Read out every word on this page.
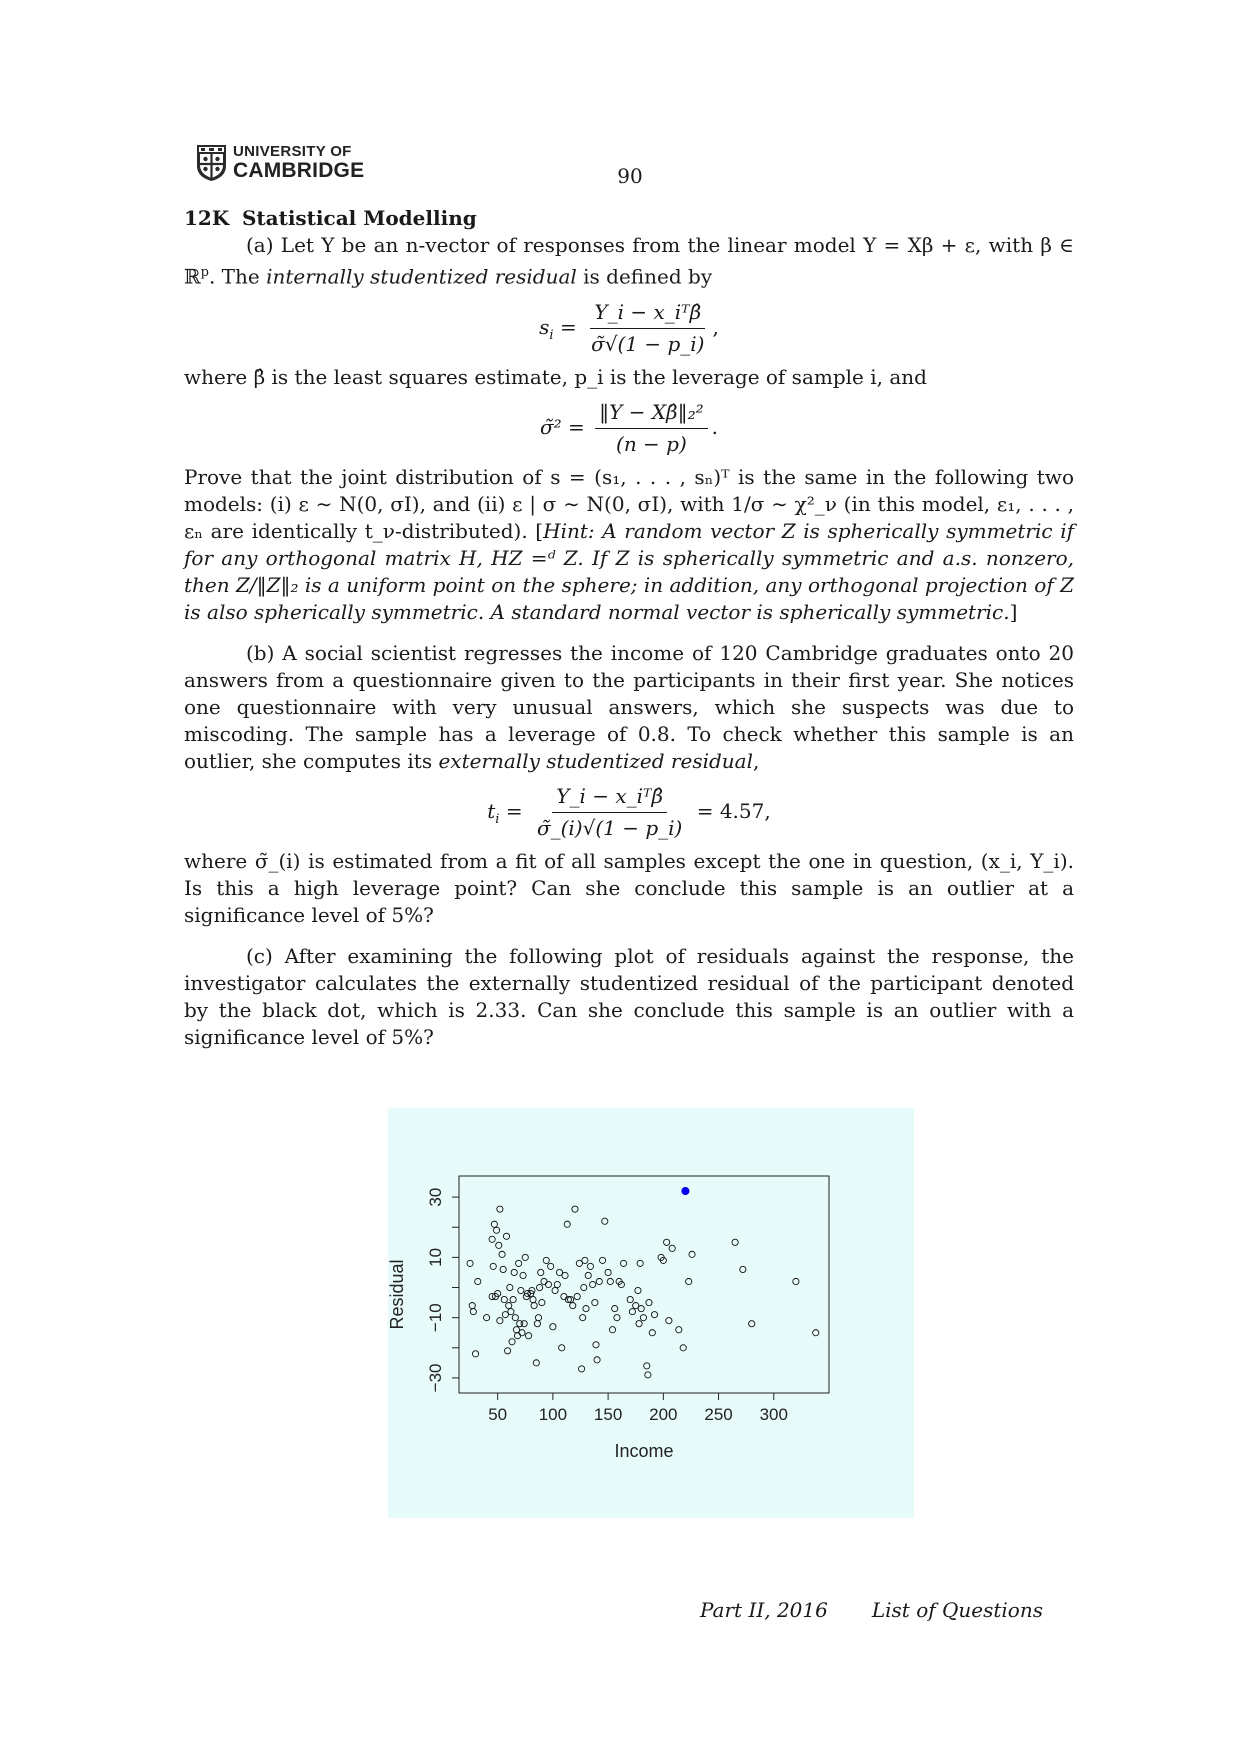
UNIVERSITY OF
CAMBRIDGE	90

12K Statistical Modelling

(a) Let Y be an n-vector of responses from the linear model Y = Xβ + ε, with β ∈ ℝ$^p$. The internally studentized residual is defined by

$s_i = \frac{\text{Y\_i − x\_iᵀβ̂}}{\sigmã√(1 - p\_i)}$ ,

where β̂ is the least squares estimate, p_i is the leverage of sample i, and

σ̃² = $\frac{\text{‖Y − Xβ̂‖₂²}}{(n - p)}$ .

Prove that the joint distribution of s = (s₁, . . . , sₙ)ᵀ is the same in the following two models: (i) ε ∼ N(0, σI), and (ii) ε | σ ∼ N(0, σI), with 1/σ ∼ χ²_ν (in this model, ε₁, . . . , εₙ are identically t_ν-distributed). [Hint: A random vector Z is spherically symmetric if for any orthogonal matrix H, HZ =ᵈ Z. If Z is spherically symmetric and a.s. nonzero, then Z/‖Z‖₂ is a uniform point on the sphere; in addition, any orthogonal projection of Z is also spherically symmetric. A standard normal vector is spherically symmetric.]

(b) A social scientist regresses the income of 120 Cambridge graduates onto 20 answers from a questionnaire given to the participants in their first year. She notices one questionnaire with very unusual answers, which she suspects was due to miscoding. The sample has a leverage of 0.8. To check whether this sample is an outlier, she computes its externally studentized residual,

$t_i = \frac{\text{Y\_i − x\_iᵀβ̂}}{\sigmã\_(i)√(1 - p\_i)} = 4.57$,

where σ̃_(i) is estimated from a fit of all samples except the one in question, (x_i, Y_i). Is this a high leverage point? Can she conclude this sample is an outlier at a significance level of 5%?

(c) After examining the following plot of residuals against the response, the investigator calculates the externally studentized residual of the participant denoted by the black dot, which is 2.33. Can she conclude this sample is an outlier with a significance level of 5%?

50 100 150 200 250 300
−30
−10
10
30
Income
Residual
Part II, 2016 List of Questions
